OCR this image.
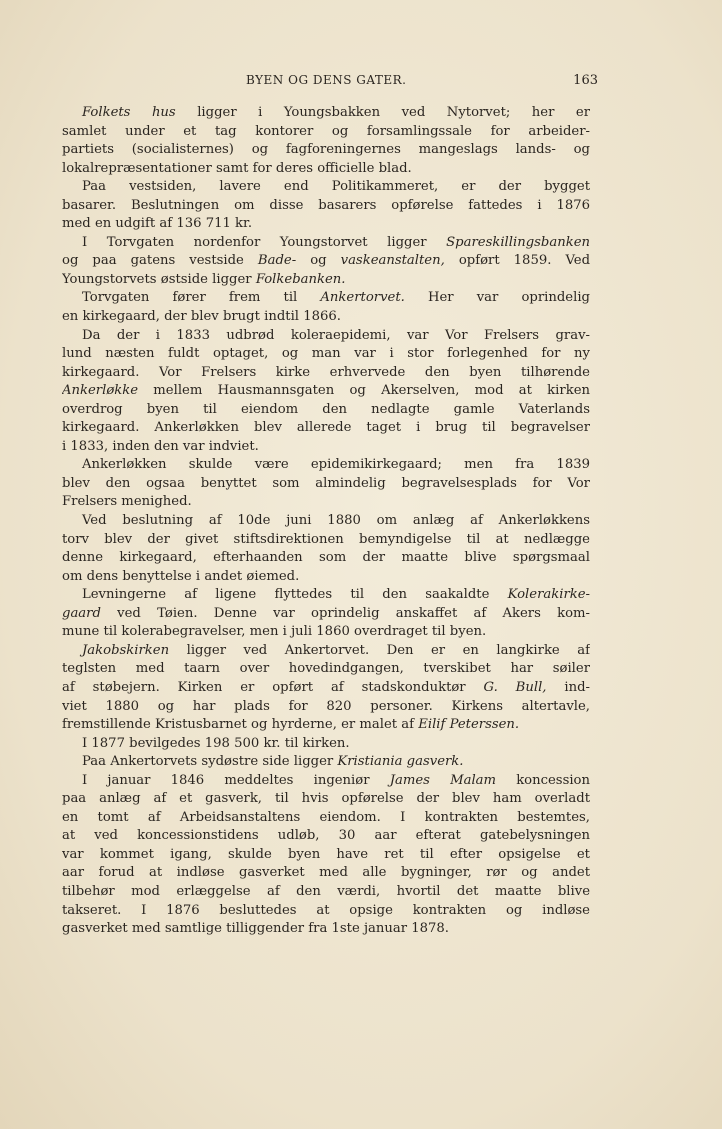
BYEN OG DENS GATER.	163
Folkets hus ligger i Youngsbakken ved Nytorvet; her er
samlet under et tag kontorer og forsamlingssale for arbeider-
partiets (socialisternes) og fagforeningernes mangeslags lands- og
lokalrepræsentationer samt for deres officielle blad.
Paa vestsiden, lavere end Politikammeret, er der bygget
basarer. Beslutningen om disse basarers opførelse fattedes i 1876
med en udgift af 136 711 kr.
I Torvgaten nordenfor Youngstorvet ligger Spareskillingsbanken
og paa gatens vestside Bade- og vaskeanstalten, opført 1859. Ved
Youngstorvets østside ligger Folkebanken.
Torvgaten fører frem til Ankertorvet. Her var oprindelig
en kirkegaard, der blev brugt indtil 1866.
Da der i 1833 udbrød koleraepidemi, var Vor Frelsers grav-
lund næsten fuldt optaget, og man var i stor forlegenhed for ny
kirkegaard. Vor Frelsers kirke erhvervede den byen tilhørende
Ankerløkke mellem Hausmannsgaten og Akerselven, mod at kirken
overdrog byen til eiendom den nedlagte gamle Vaterlands
kirkegaard. Ankerløkken blev allerede taget i brug til begravelser
i 1833, inden den var indviet.
Ankerløkken skulde være epidemikirkegaard; men fra 1839
blev den ogsaa benyttet som almindelig begravelsesplads for Vor
Frelsers menighed.
Ved beslutning af 10de juni 1880 om anlæg af Ankerløkkens
torv blev der givet stiftsdirektionen bemyndigelse til at nedlægge
denne kirkegaard, efterhaanden som der maatte blive spørgsmaal
om dens benyttelse i andet øiemed.
Levningerne af ligene flyttedes til den saakaldte Kolerakirke-
gaard ved Tøien. Denne var oprindelig anskaffet af Akers kom-
mune til kolerabegravelser, men i juli 1860 overdraget til byen.
Jakobskirken ligger ved Ankertorvet. Den er en langkirke af
teglsten med taarn over hovedindgangen, tverskibet har søiler
af støbejern. Kirken er opført af stadskonduktør G. Bull, ind-
viet 1880 og har plads for 820 personer. Kirkens altertavle,
fremstillende Kristusbarnet og hyrderne, er malet af Eilif Peterssen.
I 1877 bevilgedes 198 500 kr. til kirken.
Paa Ankertorvets sydøstre side ligger Kristiania gasverk.
I januar 1846 meddeltes ingeniør James Malam koncession
paa anlæg af et gasverk, til hvis opførelse der blev ham overladt
en tomt af Arbeidsanstaltens eiendom. I kontrakten bestemtes,
at ved koncessionstidens udløb, 30 aar efterat gatebelysningen
var kommet igang, skulde byen have ret til efter opsigelse et
aar forud at indløse gasverket med alle bygninger, rør og andet
tilbehør mod erlæggelse af den værdi, hvortil det maatte blive
takseret. I 1876 besluttedes at opsige kontrakten og indløse
gasverket med samtlige tilliggender fra 1ste januar 1878.
